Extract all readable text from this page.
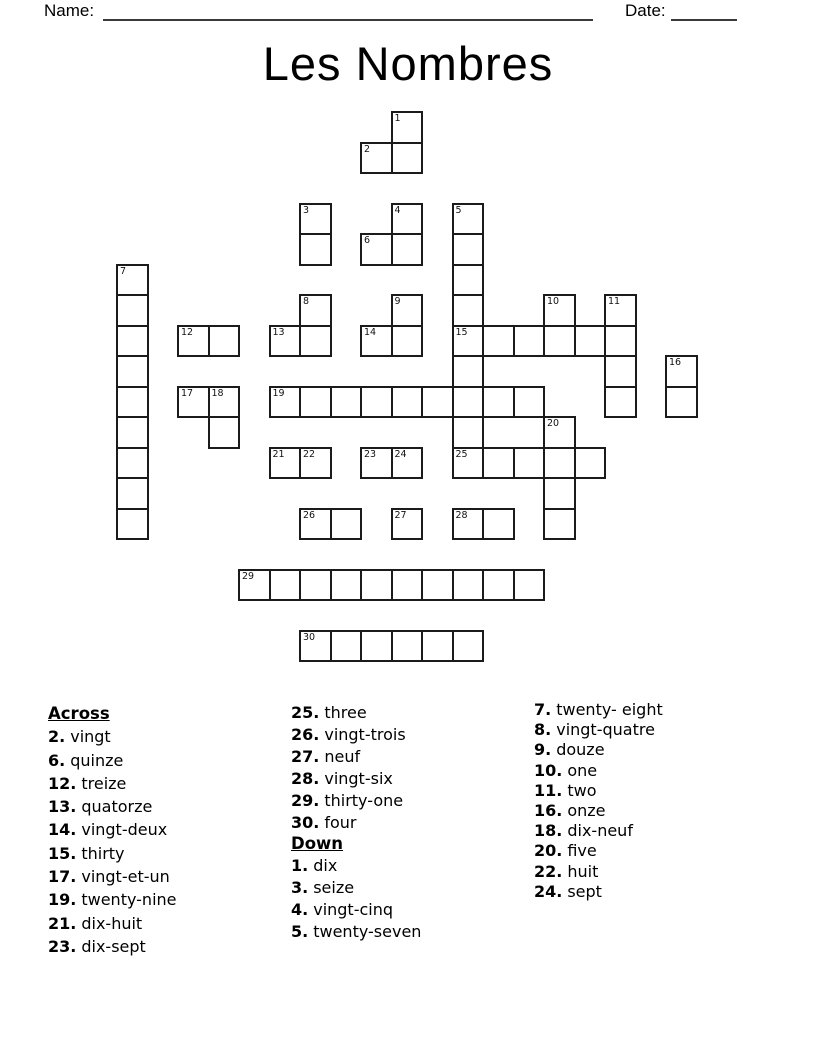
Name:	Date:
Les Nombres
1
2
3	4	5
6
7
8	9	10	11
12	13	14	15
16
17 18	19
20
21 22	23 24	25
26	27	28
29
30
Across
2. vingt
6. quinze
12. treize
13. quatorze
14. vingt-deux
15. thirty
17. vingt-et-un
19. twenty-nine
21. dix-huit
23. dix-sept
25. three
26. vingt-trois
27. neuf
28. vingt-six
29. thirty-one
30. four
Down
1. dix
3. seize
4. vingt-cinq
5. twenty-seven
7. twenty- eight
8. vingt-quatre
9. douze
10. one
11. two
16. onze
18. dix-neuf
20. five
22. huit
24. sept
